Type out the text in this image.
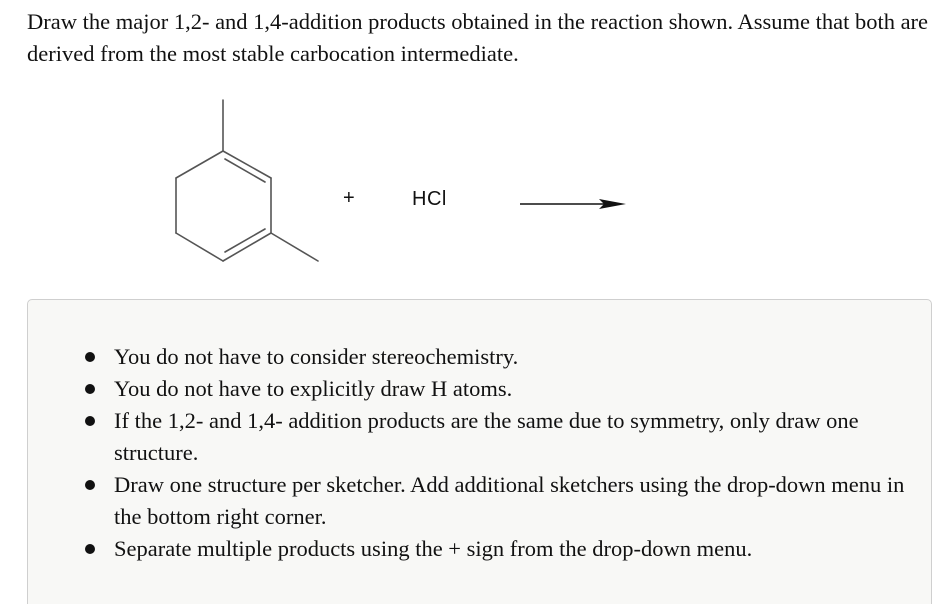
Draw the major 1,2- and 1,4-addition products obtained in the reaction shown. Assume that both are derived from the most stable carbocation intermediate.

+	HCl
You do not have to consider stereochemistry.
You do not have to explicitly draw H atoms.
If the 1,2- and 1,4- addition products are the same due to symmetry, only draw one structure.
Draw one structure per sketcher. Add additional sketchers using the drop-down menu in the bottom right corner.
Separate multiple products using the + sign from the drop-down menu.
